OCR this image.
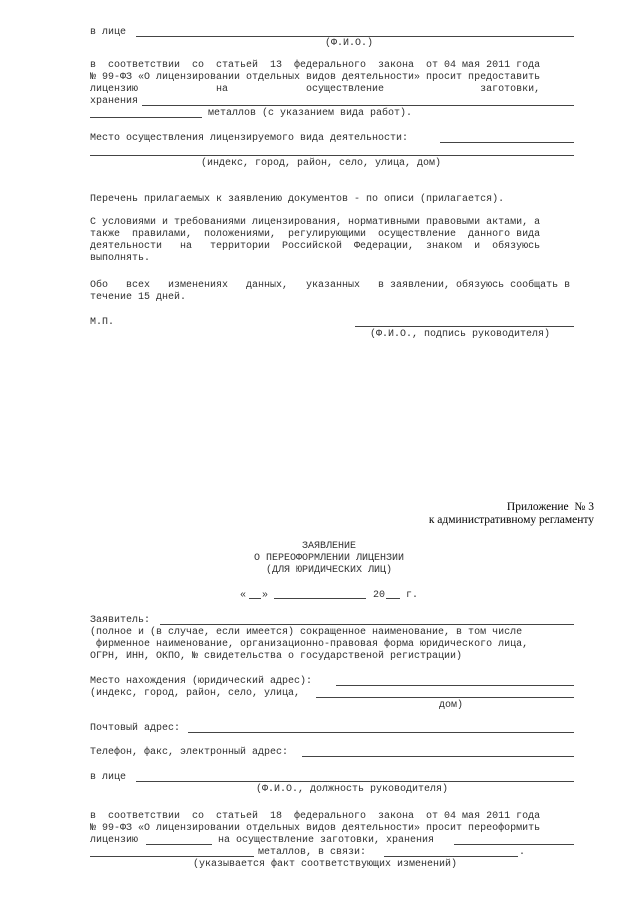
в лице
(Ф.И.О.)
в  соответствии  со  статьей  13  федерального  закона  от 04 мая 2011 года
№ 99-ФЗ «О лицензировании отдельных видов деятельности» просит предоставить
лицензию             на             осуществление                заготовки,
хранения
металлов (с указанием вида работ).
Место осуществления лицензируемого вида деятельности:
(индекс, город, район, село, улица, дом)
Перечень прилагаемых к заявлению документов - по описи (прилагается).
С условиями и требованиями лицензирования, нормативными правовыми актами, а
также  правилами,  положениями,  регулирующими  осуществление  данного вида
деятельности   на   территории  Российской  Федерации,  знаком  и  обязуюсь
выполнять.
Обо   всех   изменениях   данных,   указанных   в заявлении, обязуюсь сообщать в
течение 15 дней.
М.П.
(Ф.И.О., подпись руководителя)
Приложение  № 3
к административному регламенту
ЗАЯВЛЕНИЕ
О ПЕРЕОФОРМЛЕНИИ ЛИЦЕНЗИИ
(ДЛЯ ЮРИДИЧЕСКИХ ЛИЦ)
« »	20 г.
Заявитель:
(полное и (в случае, если имеется) сокращенное наименование, в том числе
фирменное наименование, организационно-правовая форма юридического лица,
ОГРН, ИНН, ОКПО, № свидетельства о государственой регистрации)
Место нахождения (юридический адрес):
(индекс, город, район, село, улица,
дом)
Почтовый адрес:
Телефон, факс, электронный адрес:
в лице
(Ф.И.О., должность руководителя)
в  соответствии  со  статьей  18  федерального  закона  от 04 мая 2011 года
№ 99-ФЗ «О лицензировании отдельных видов деятельности» просит переоформить
лицензию	на осуществление заготовки, хранения
металлов, в связи:	.
(указывается факт соответствующих изменений)
